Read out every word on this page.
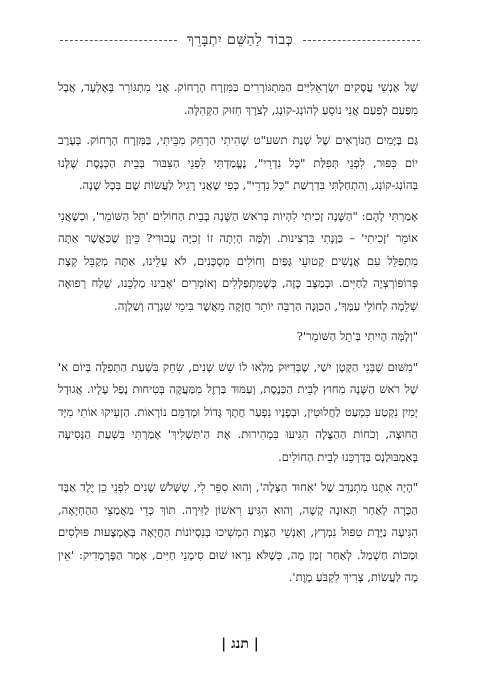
כְּבוֹד לַהַשֵּׁם יִתְבָּרֵךְ

שֶׁל אַנְשֵׁי עֲסָקִים יִשְׂרְאֵלִיִּים הַמִּתְגּוֹרְרִים בַּמִּזְרָח הָרָחוֹק. אֲנִי מִתְגּוֹרֵר בְּאֶלְעָד, אֲבָל מִפַּעַם לְפַעַם אֲנִי נוֹסֵעַ לְהוֹנְג-קוֹנְג, לְצֹרֶךְ חִזּוּק הַקְּהִלָּה.

גַּם בַּיָּמִים הַנּוֹרָאִים שֶׁל שְׁנַת תשע"ט שָׁהִיתִי הַרְחֵק מִבֵּיתִי, בַּמִּזְרָח הָרָחוֹק. בְּעֶרֶב יוֹם כִּפּוּר, לִפְנֵי תְּפִלַּת "כָּל נִדְרֵי", נֶעֱמַדְתִּי לִפְנֵי הַצִּבּוּר בְּבֵית הַכְּנֶסֶת שֶׁלָּנוּ בְּהוֹנְג-קוֹנְג, וְהִתְחַלְתִּי בִּדְרָשַׁת "כָּל נִדְרֵי", כְּפִי שֶׁאֲנִי רָגִיל לַעֲשׂוֹת שָׁם בְּכָל שָׁנָה.

אָמַרְתִּי לָהֶם: "הַשָּׁנָה זָכִיתִי לִהְיוֹת בְּרֹאשׁ הַשָּׁנָה בְּבֵית הַחוֹלִים 'תֵּל הַשּׁוֹמֵר', וּכְשֶׁאֲנִי אוֹמֵר 'זָכִיתִי' – כַּוָּנָתִי בִּרְצִינוּת. וְלָמָּה הָיְתָה זוֹ זְכִיָּה עֲבוּרִי? כֵּיוָן שֶׁכַּאֲשֶׁר אַתָּה מִתְפַּלֵּל עִם אֲנָשִׁים קְטוּעֵי גַּפַּיִם וְחוֹלִים מְסֻכָּנִים, לֹא עָלֵינוּ, אַתָּה מְקַבֵּל קְצָת פְּרוֹפּוֹרְצְיָה לַחַיִּים. וּבְמַצָּב כָּזֶה, כְּשֶׁמִּתְפַּלְּלִים וְאוֹמְרִים 'אָבִינוּ מַלְכֵּנוּ, שְׁלַח רְפוּאָה שְׁלֵמָה לְחוֹלֵי עַמֶּךָ', הַכַּוָּנָה הַרְבֵּה יוֹתֵר חֲזָקָה מֵאֲשֶׁר בִּימֵי שִׁגְרָה וְשַׁלְוָה.

"וְלָמָּה הָיִיתִי בְּ'תֵל הַשּׁוֹמֵר'?

"מִשּׁוּם שֶׁבְּנִי הַקָּטָן יִשַׁי, שֶׁבְּדִיּוּק מָלְאוּ לוֹ שֵׁשׁ שָׁנִים, שִׂחֵק בִּשְׁעַת הַתְּפִלָּה בְּיוֹם א' שֶׁל רֹאשׁ הַשָּׁנָה מִחוּץ לְבֵית הַכְּנֶסֶת, וְעַמּוּד בַּרְזֶל מִמַּעֲקֶה בְּטִיחוּת נָפַל עָלָיו. אֲגוּדָל יָמִין נִקְטַע כִּמְעַט לַחֲלוּטִין, וּבְפָנָיו נִפְעַר חֲתָךְ גָּדוֹל וּמְדַמֵּם נוֹרָאוֹת. הַזְעִיקוּ אוֹתִי מִיָּד הַחוּצָה, וְכֹחוֹת הַהַצָּלָה הִגִּיעוּ בִּמְהִירוּת. אֶת הַ'תַּשְׁלִיךְ' אָמַרְתִּי בִּשְׁעַת הַנְּסִיעָה בָּאַמְבּוּלַנְס בְּדַרְכֵּנוּ לְבֵית הַחוֹלִים.

"הָיָה אִתָּנוּ מִתְנַדֵּב שֶׁל 'אִחוּד הַצָּלָה', וְהוּא סִפֵּר לִי, שֶׁשָּׁלֹשׁ שָׁנִים לִפְנֵי כֵן יֶלֶד אַבָּד הַכָּרָה לְאַחַר תְּאוּנָה קָשָׁה, וְהוּא הִגִּיעַ רִאשׁוֹן לַזִּירָה. תּוֹךְ כְּדֵי מַאֲמַצֵּי הַהַחְיָאָה, הִגִּיעָה נַיֶּדֶת טִפּוּל נִמְרָץ, וְאַנְשֵׁי הַצֶּוֶת הִמְשִׁיכוּ בְּנִסְיוֹנוֹת הַחֲיָאָה בְּאֶמְצָעוּת פּוּלְסִים וּמַכּוֹת חַשְׁמַל. לְאַחַר זְמַן מָה, כְּשֶׁלֹּא נִרְאוּ שׁוּם סִימָנֵי חַיִּים, אָמַר הַפָּרָמֶדִיק: 'אֵין מָה לַעֲשׂוֹת, צָרִיךְ לִקְבֹּעַ מָוֶת'.

| תנג |
